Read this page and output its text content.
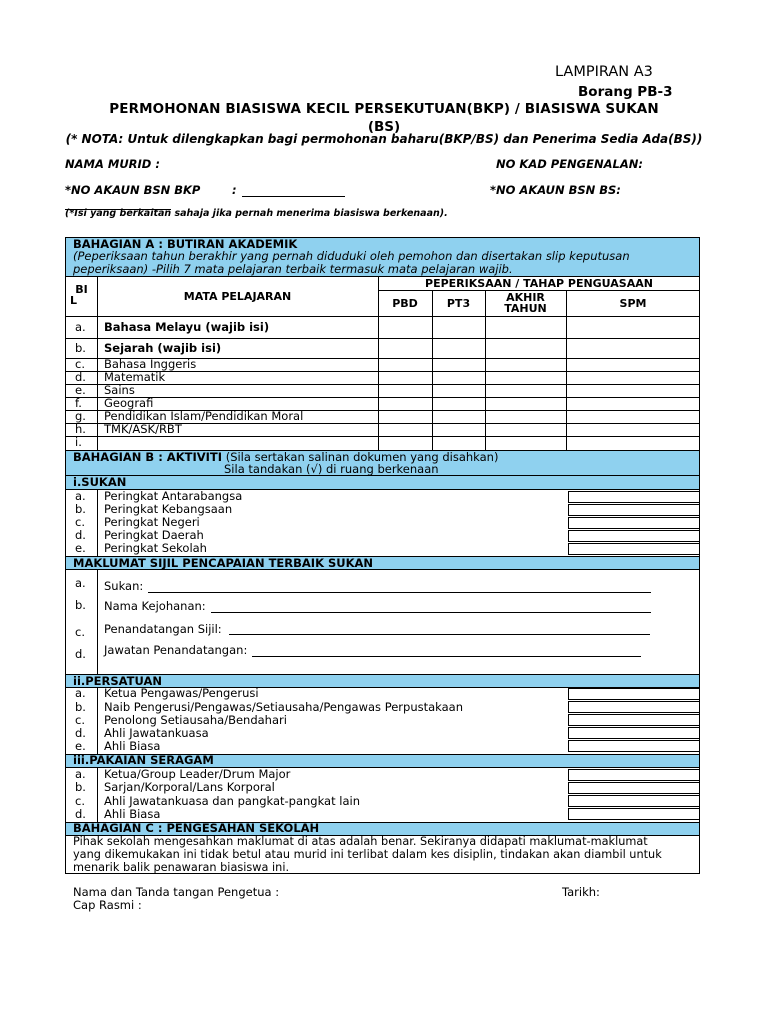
LAMPIRAN A3
Borang PB-3
PERMOHONAN BIASISWA KECIL PERSEKUTUAN(BKP) / BIASISWA SUKAN
(BS)
(* NOTA: Untuk dilengkapkan bagi permohonan baharu(BKP/BS) dan Penerima Sedia Ada(BS))
NAMA MURID :	NO KAD PENGENALAN:
*NO AKAUN BSN BKP	:	*NO AKAUN BSN BS:
(*Isi yang berkaitan sahaja jika pernah menerima biasiswa berkenaan).
BAHAGIAN A : BUTIRAN AKADEMIK
(Peperiksaan tahun berakhir yang pernah diduduki oleh pemohon dan disertakan slip keputusan
peperiksaan) -Pilih 7 mata pelajaran terbaik termasuk mata pelajaran wajib.
BI
L	MATA PELAJARAN
PEPERIKSAAN / TAHAP PENGUASAAN
PBD	PT3	AKHIR
TAHUN	SPM
a. Bahasa Melayu (wajib isi)
b. Sejarah (wajib isi)
c. Bahasa Inggeris
d. Matematik
e. Sains
f. Geografi
g. Pendidikan Islam/Pendidikan Moral
h. TMK/ASK/RBT
i.
BAHAGIAN B : AKTIVITI (Sila sertakan salinan dokumen yang disahkan)
Sila tandakan (√) di ruang berkenaan
i.SUKAN
a. Peringkat Antarabangsa
b. Peringkat Kebangsaan
c. Peringkat Negeri
d. Peringkat Daerah
e. Peringkat Sekolah
MAKLUMAT SIJIL PENCAPAIAN TERBAIK SUKAN
a. Sukan:
b. Nama Kejohanan:
c. Penandatangan Sijil:
d. Jawatan Penandatangan:
ii.PERSATUAN
a. Ketua Pengawas/Pengerusi
b. Naib Pengerusi/Pengawas/Setiausaha/Pengawas Perpustakaan
c. Penolong Setiausaha/Bendahari
d. Ahli Jawatankuasa
e. Ahli Biasa
iii.PAKAIAN SERAGAM
a. Ketua/Group Leader/Drum Major
b. Sarjan/Korporal/Lans Korporal
c. Ahli Jawatankuasa dan pangkat-pangkat lain
d. Ahli Biasa
BAHAGIAN C : PENGESAHAN SEKOLAH
Pihak sekolah mengesahkan maklumat di atas adalah benar. Sekiranya didapati maklumat-maklumat
yang dikemukakan ini tidak betul atau murid ini terlibat dalam kes disiplin, tindakan akan diambil untuk
menarik balik penawaran biasiswa ini.
Nama dan Tanda tangan Pengetua :	Tarikh:
Cap Rasmi :
